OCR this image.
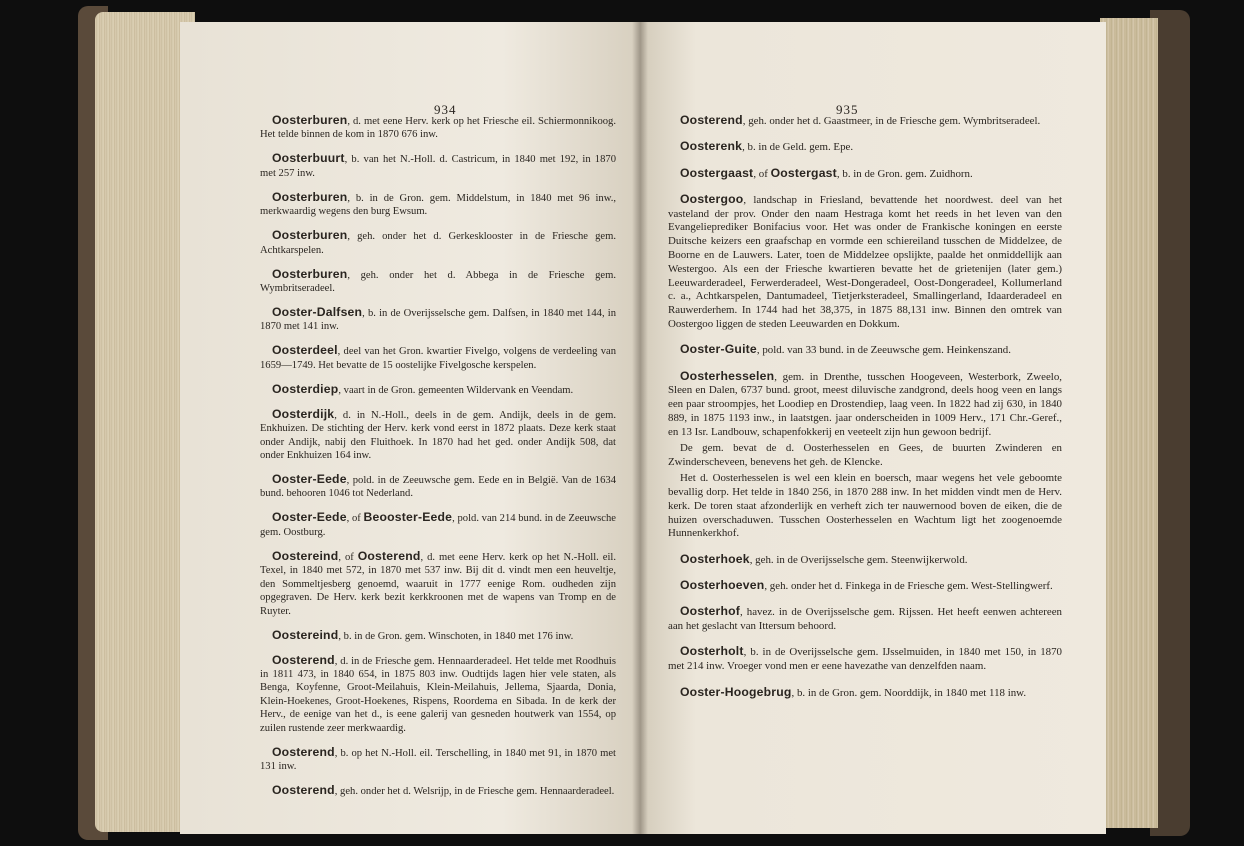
934
Oosterburen, d. met eene Herv. kerk op het Friesche eil. Schiermonnikoog. Het telde binnen de kom in 1870 676 inw.
Oosterbuurt, b. van het N.-Holl. d. Castricum, in 1840 met 192, in 1870 met 257 inw.
Oosterburen, b. in de Gron. gem. Middelstum, in 1840 met 96 inw., merkwaardig wegens den burg Ewsum.
Oosterburen, geh. onder het d. Gerkesklooster in de Friesche gem. Achtkarspelen.
Oosterburen, geh. onder het d. Abbega in de Friesche gem. Wymbritseradeel.
Ooster-Dalfsen, b. in de Overijsselsche gem. Dalfsen, in 1840 met 144, in 1870 met 141 inw.
Oosterdeel, deel van het Gron. kwartier Fivelgo, volgens de verdeeling van 1659—1749. Het bevatte de 15 oostelijke Fivelgosche kerspelen.
Oosterdiep, vaart in de Gron. gemeenten Wildervank en Veendam.
Oosterdijk, d. in N.-Holl., deels in de gem. Andijk, deels in de gem. Enkhuizen. De stichting der Herv. kerk vond eerst in 1872 plaats. Deze kerk staat onder Andijk, nabij den Fluithoek. In 1870 had het ged. onder Andijk 508, dat onder Enkhuizen 164 inw.
Ooster-Eede, pold. in de Zeeuwsche gem. Eede en in België. Van de 1634 bund. behooren 1046 tot Nederland.
Ooster-Eede, of Beooster-Eede, pold. van 214 bund. in de Zeeuwsche gem. Oostburg.
Oostereind, of Oosterend, d. met eene Herv. kerk op het N.-Holl. eil. Texel, in 1840 met 572, in 1870 met 537 inw. Bij dit d. vindt men een heuveltje, den Sommeltjesberg genoemd, waaruit in 1777 eenige Rom. oudheden zijn opgegraven. De Herv. kerk bezit kerkkroonen met de wapens van Tromp en de Ruyter.
Oostereind, b. in de Gron. gem. Winschoten, in 1840 met 176 inw.
Oosterend, d. in de Friesche gem. Hennaarderadeel. Het telde met Roodhuis in 1811 473, in 1840 654, in 1875 803 inw. Oudtijds lagen hier vele staten, als Benga, Koyfenne, Groot-Meilahuis, Klein-Meilahuis, Jellema, Sjaarda, Donia, Klein-Hoekenes, Groot-Hoekenes, Rispens, Roordema en Sibada. In de kerk der Herv., de eenige van het d., is eene galerij van gesneden houtwerk van 1554, op zuilen rustende zeer merkwaardig.
Oosterend, b. op het N.-Holl. eil. Terschelling, in 1840 met 91, in 1870 met 131 inw.
Oosterend, geh. onder het d. Welsrijp, in de Friesche gem. Hennaarderadeel.
935
Oosterend, geh. onder het d. Gaastmeer, in de Friesche gem. Wymbritseradeel.
Oosterenk, b. in de Geld. gem. Epe.
Oostergaast, of Oostergast, b. in de Gron. gem. Zuidhorn.
Oostergoo, landschap in Friesland, bevattende het noordwest. deel van het vasteland der prov. Onder den naam Hestraga komt het reeds in het leven van den Evangelieprediker Bonifacius voor. Het was onder de Frankische koningen en eerste Duitsche keizers een graafschap en vormde een schiereiland tusschen de Middelzee, de Boorne en de Lauwers. Later, toen de Middelzee opslijkte, paalde het onmiddellijk aan Westergoo. Als een der Friesche kwartieren bevatte het de grietenijen (later gem.) Leeuwarderadeel, Ferwerderadeel, West-Dongeradeel, Oost-Dongeradeel, Kollumerland c. a., Achtkarspelen, Dantumadeel, Tietjerksteradeel, Smallingerland, Idaarderadeel en Rauwerderhem. In 1744 had het 38,375, in 1875 88,131 inw. Binnen den omtrek van Oostergoo liggen de steden Leeuwarden en Dokkum.
Ooster-Guite, pold. van 33 bund. in de Zeeuwsche gem. Heinkenszand.
Oosterhesselen, gem. in Drenthe, tusschen Hoogeveen, Westerbork, Zweelo, Sleen en Dalen, 6737 bund. groot, meest diluvische zandgrond, deels hoog veen en langs een paar stroompjes, het Loodiep en Drostendiep, laag veen. In 1822 had zij 630, in 1840 889, in 1875 1193 inw., in laatstgen. jaar onderscheiden in 1009 Herv., 171 Chr.-Geref., en 13 Isr. Landbouw, schapenfokkerij en veeteelt zijn hun gewoon bedrijf.
De gem. bevat de d. Oosterhesselen en Gees, de buurten Zwinderen en Zwinderscheveen, benevens het geh. de Klencke.
Het d. Oosterhesselen is wel een klein en boersch, maar wegens het vele geboomte bevallig dorp. Het telde in 1840 256, in 1870 288 inw. In het midden vindt men de Herv. kerk. De toren staat afzonderlijk en verheft zich ter nauwernood boven de eiken, die de huizen overschaduwen. Tusschen Oosterhesselen en Wachtum ligt het zoogenoemde Hunnenkerkhof.
Oosterhoek, geh. in de Overijsselsche gem. Steenwijkerwold.
Oosterhoeven, geh. onder het d. Finkega in de Friesche gem. West-Stellingwerf.
Oosterhof, havez. in de Overijsselsche gem. Rijssen. Het heeft eenwen achtereen aan het geslacht van Ittersum behoord.
Oosterholt, b. in de Overijsselsche gem. IJsselmuiden, in 1840 met 150, in 1870 met 214 inw. Vroeger vond men er eene havezathe van denzelfden naam.
Ooster-Hoogebrug, b. in de Gron. gem. Noorddijk, in 1840 met 118 inw.
